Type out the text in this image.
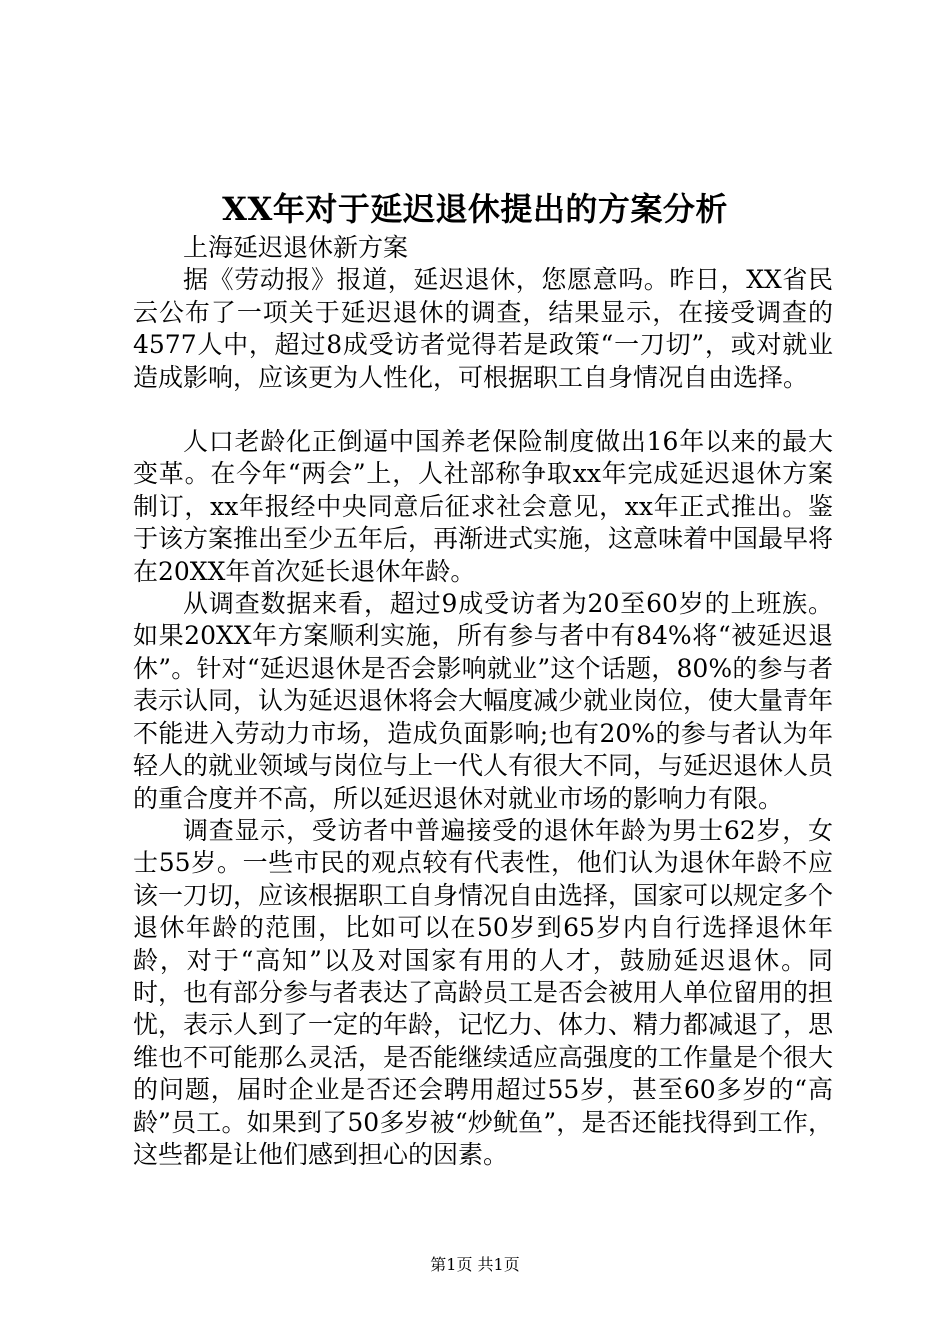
XX年对于延迟退休提出的方案分析

上海延迟退休新方案

据《劳动报》报道，延迟退休，您愿意吗。昨日，XX省民云公布了一项关于延迟退休的调查，结果显示，在接受调查的4577人中，超过8成受访者觉得若是政策“一刀切”，或对就业造成影响，应该更为人性化，可根据职工自身情况自由选择。

人口老龄化正倒逼中国养老保险制度做出16年以来的最大变革。在今年“两会”上，人社部称争取xx年完成延迟退休方案制订，xx年报经中央同意后征求社会意见，xx年正式推出。鉴于该方案推出至少五年后，再渐进式实施，这意味着中国最早将在20XX年首次延长退休年龄。

从调查数据来看，超过9成受访者为20至60岁的上班族。如果20XX年方案顺利实施，所有参与者中有84%将“被延迟退休”。针对“延迟退休是否会影响就业”这个话题，80%的参与者表示认同，认为延迟退休将会大幅度减少就业岗位，使大量青年不能进入劳动力市场，造成负面影响;也有20%的参与者认为年轻人的就业领域与岗位与上一代人有很大不同，与延迟退休人员的重合度并不高，所以延迟退休对就业市场的影响力有限。

调查显示，受访者中普遍接受的退休年龄为男士62岁，女士55岁。一些市民的观点较有代表性，他们认为退休年龄不应该一刀切，应该根据职工自身情况自由选择，国家可以规定多个退休年龄的范围，比如可以在50岁到65岁内自行选择退休年龄，对于“高知”以及对国家有用的人才，鼓励延迟退休。同时，也有部分参与者表达了高龄员工是否会被用人单位留用的担忧，表示人到了一定的年龄，记忆力、体力、精力都减退了，思维也不可能那么灵活，是否能继续适应高强度的工作量是个很大的问题，届时企业是否还会聘用超过55岁，甚至60多岁的“高龄”员工。如果到了50多岁被“炒鱿鱼”，是否还能找得到工作，这些都是让他们感到担心的因素。

第1页 共1页
